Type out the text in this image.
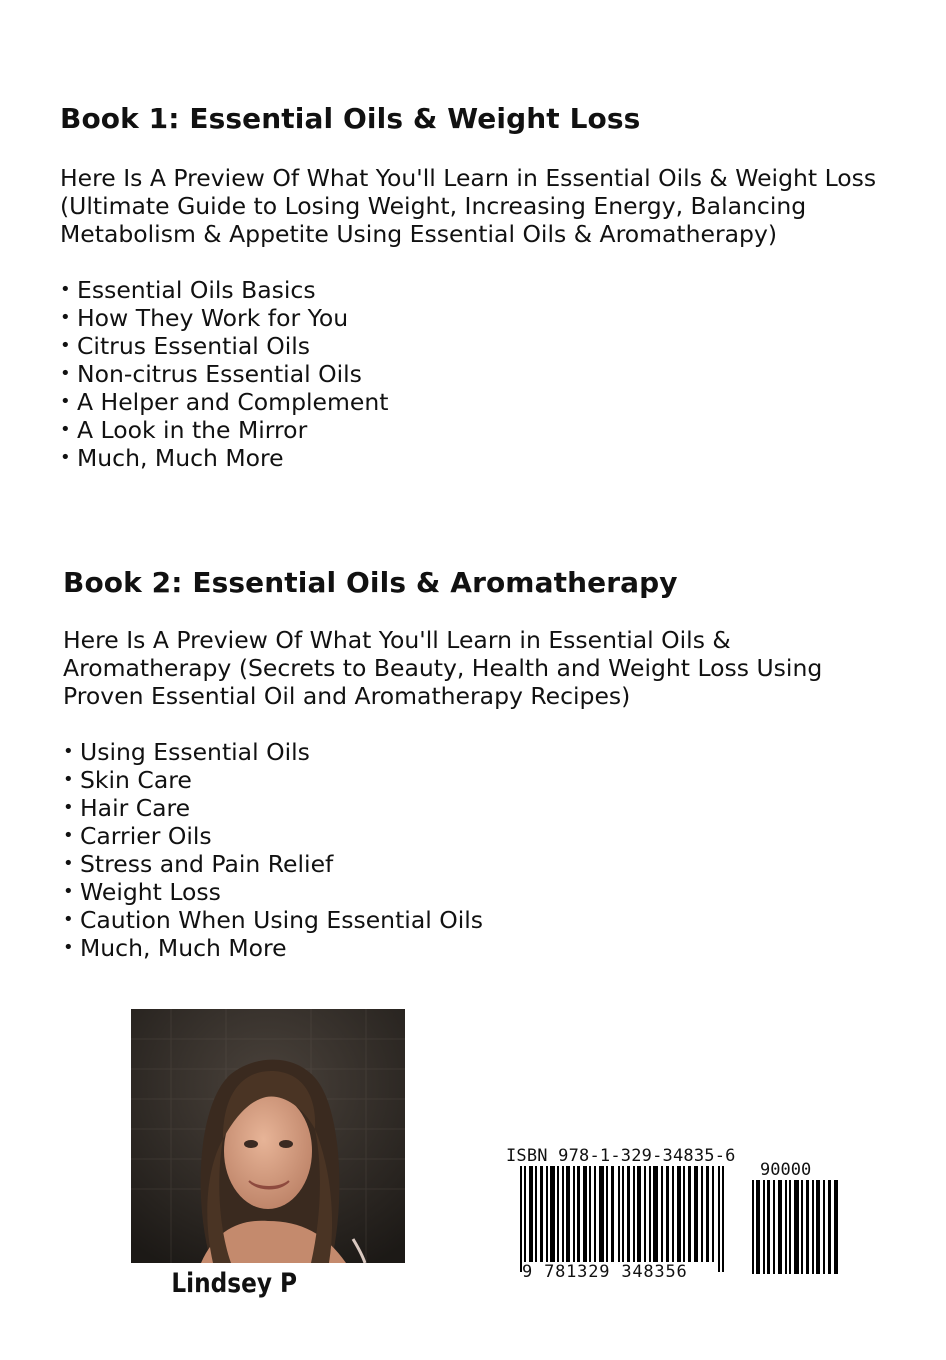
Book 1: Essential Oils & Weight Loss

Here Is A Preview Of What You'll Learn in Essential Oils & Weight Loss (Ultimate Guide to Losing Weight, Increasing Energy, Balancing Metabolism & Appetite Using Essential Oils & Aromatherapy)

• Essential Oils Basics
• How They Work for You
• Citrus Essential Oils
• Non-citrus Essential Oils
• A Helper and Complement
• A Look in the Mirror
• Much, Much More
Book 2: Essential Oils & Aromatherapy

Here Is A Preview Of What You'll Learn in Essential Oils & Aromatherapy (Secrets to Beauty, Health and Weight Loss Using Proven Essential Oil and Aromatherapy Recipes)

• Using Essential Oils
• Skin Care
• Hair Care
• Carrier Oils
• Stress and Pain Relief
• Weight Loss
• Caution When Using Essential Oils
• Much, Much More
Lindsey P
ISBN 978-1-329-34835-6
90000
9 781329 348356
